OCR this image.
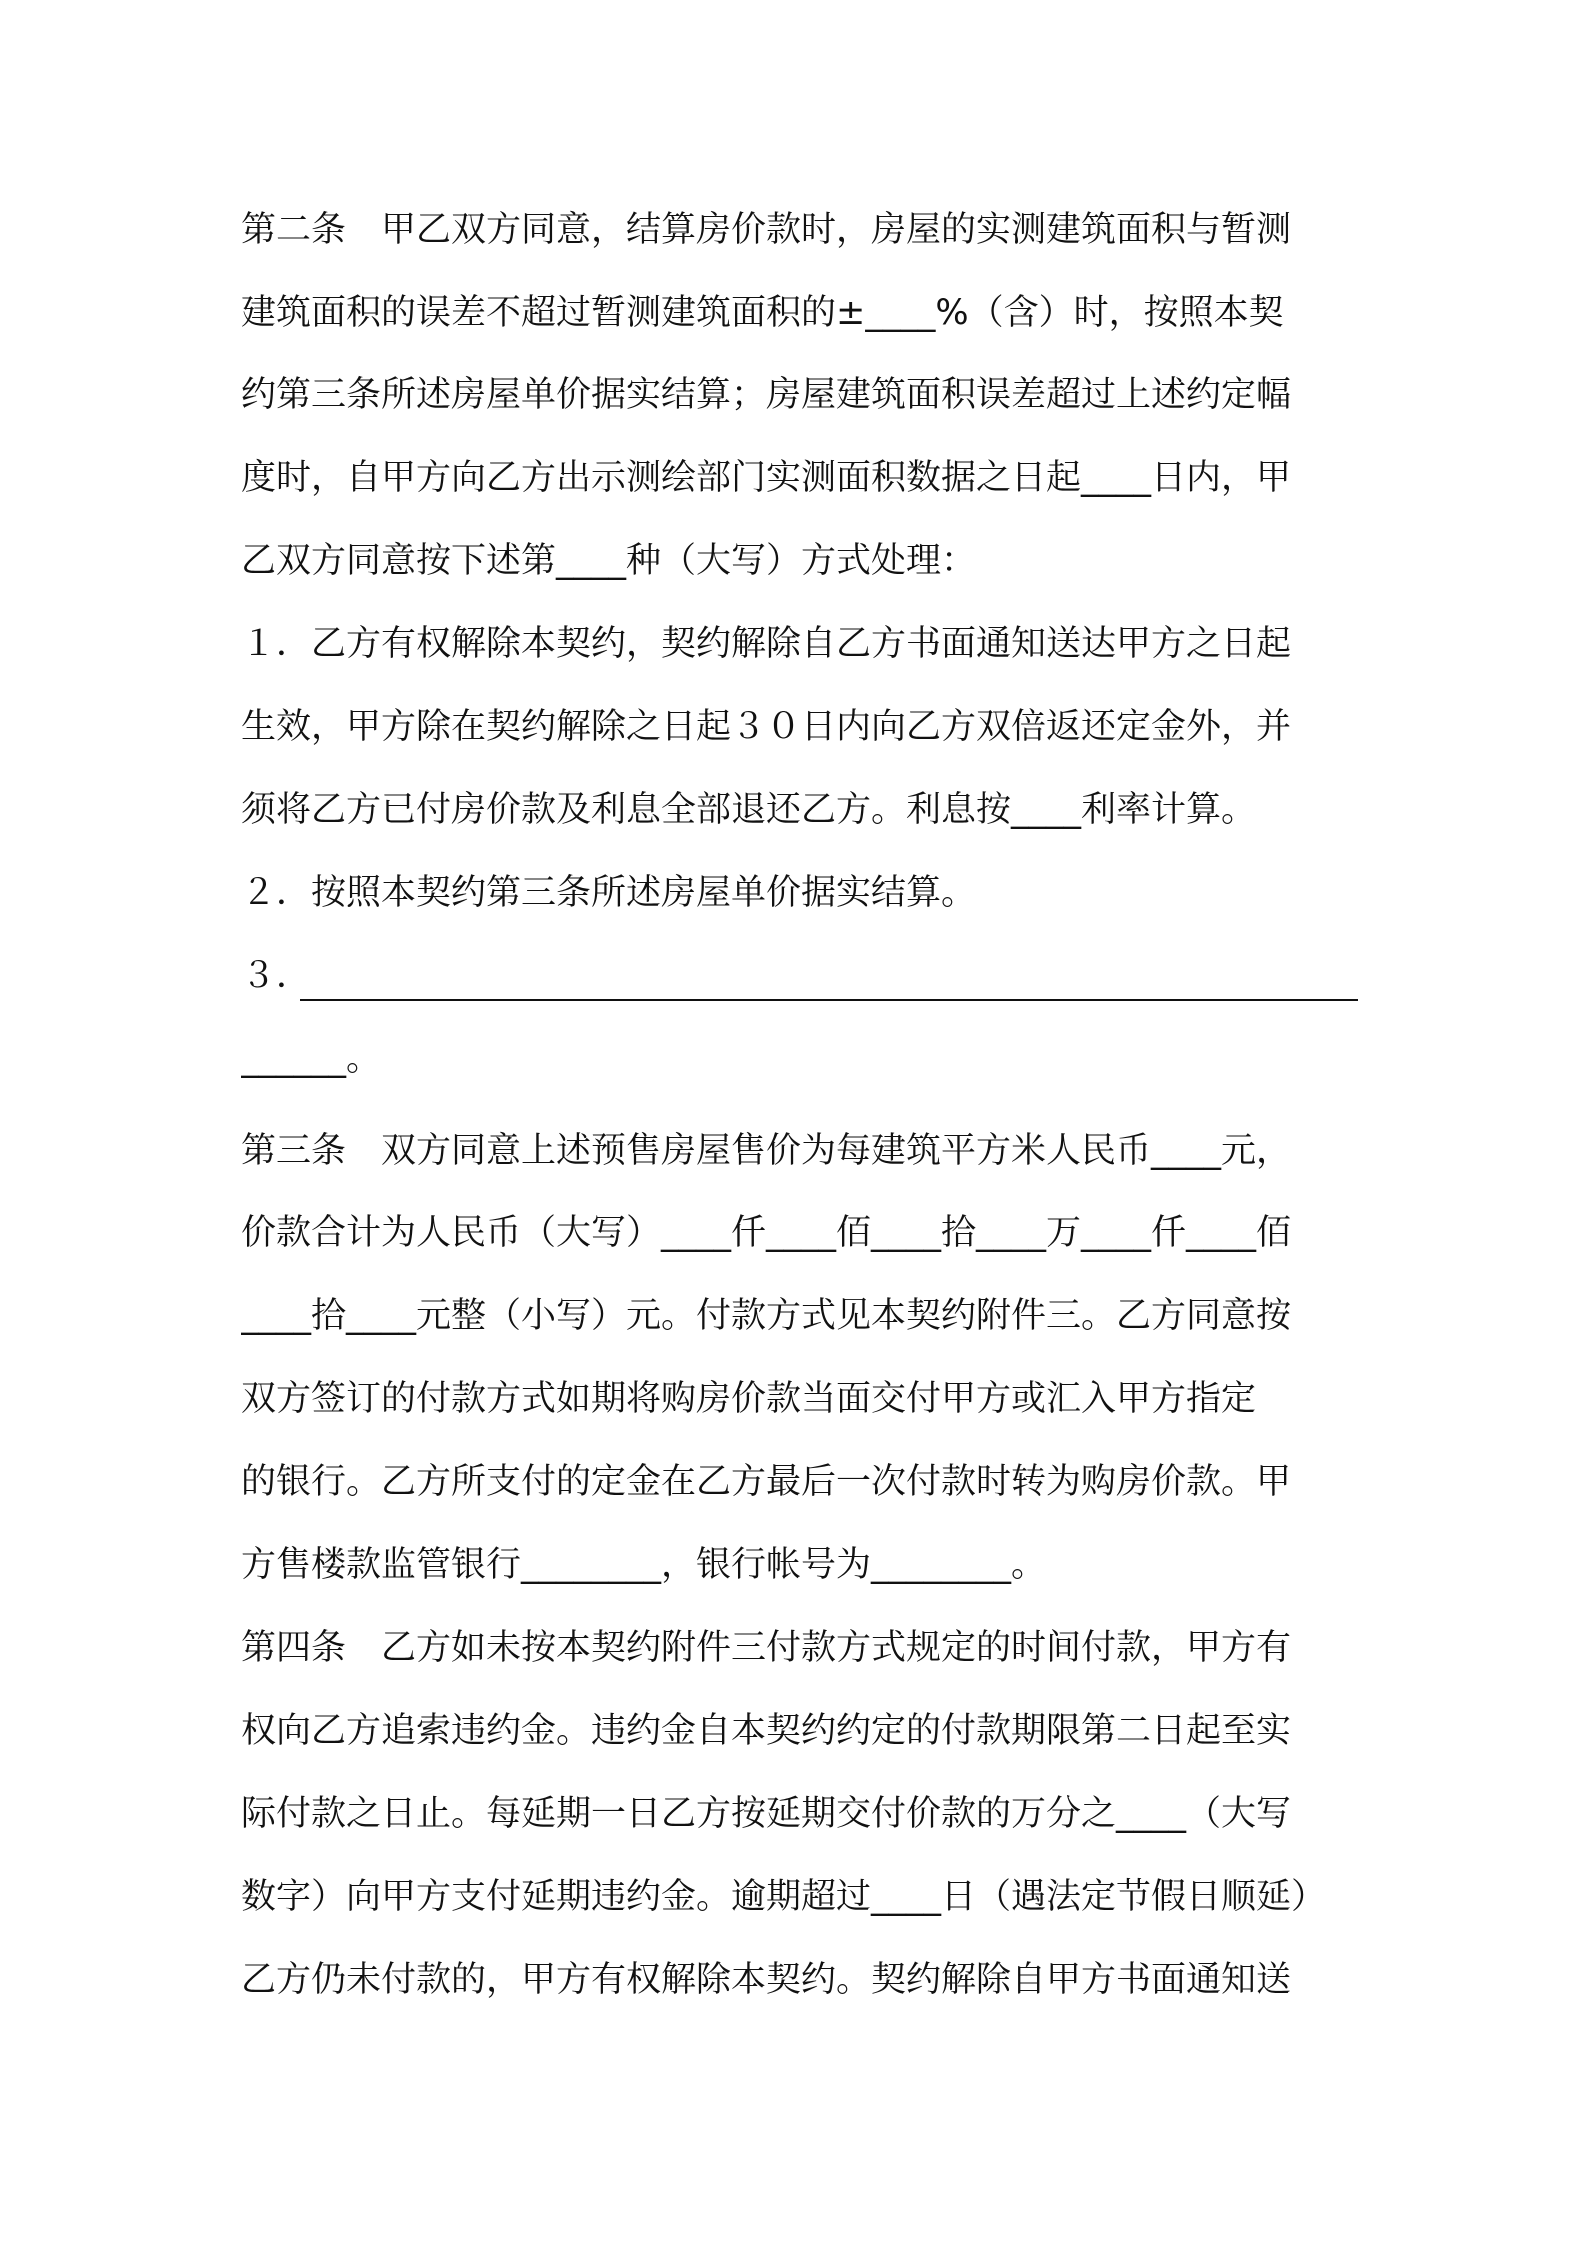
第二条　甲乙双方同意，结算房价款时，房屋的实测建筑面积与暂测
建筑面积的误差不超过暂测建筑面积的±____%（含）时，按照本契
约第三条所述房屋单价据实结算；房屋建筑面积误差超过上述约定幅
度时，自甲方向乙方出示测绘部门实测面积数据之日起____日内，甲
乙双方同意按下述第____种（大写）方式处理：
１．乙方有权解除本契约，契约解除自乙方书面通知送达甲方之日起
生效，甲方除在契约解除之日起３０日内向乙方双倍返还定金外，并
须将乙方已付房价款及利息全部退还乙方。利息按____利率计算。
２．按照本契约第三条所述房屋单价据实结算。
３．
______。
第三条　双方同意上述预售房屋售价为每建筑平方米人民币____元，
价款合计为人民币（大写）____仟____佰____拾____万____仟____佰
____拾____元整（小写）元。付款方式见本契约附件三。乙方同意按
双方签订的付款方式如期将购房价款当面交付甲方或汇入甲方指定
的银行。乙方所支付的定金在乙方最后一次付款时转为购房价款。甲
方售楼款监管银行________，银行帐号为________。
第四条　乙方如未按本契约附件三付款方式规定的时间付款，甲方有
权向乙方追索违约金。违约金自本契约约定的付款期限第二日起至实
际付款之日止。每延期一日乙方按延期交付价款的万分之____（大写
数字）向甲方支付延期违约金。逾期超过____日（遇法定节假日顺延）
乙方仍未付款的，甲方有权解除本契约。契约解除自甲方书面通知送
